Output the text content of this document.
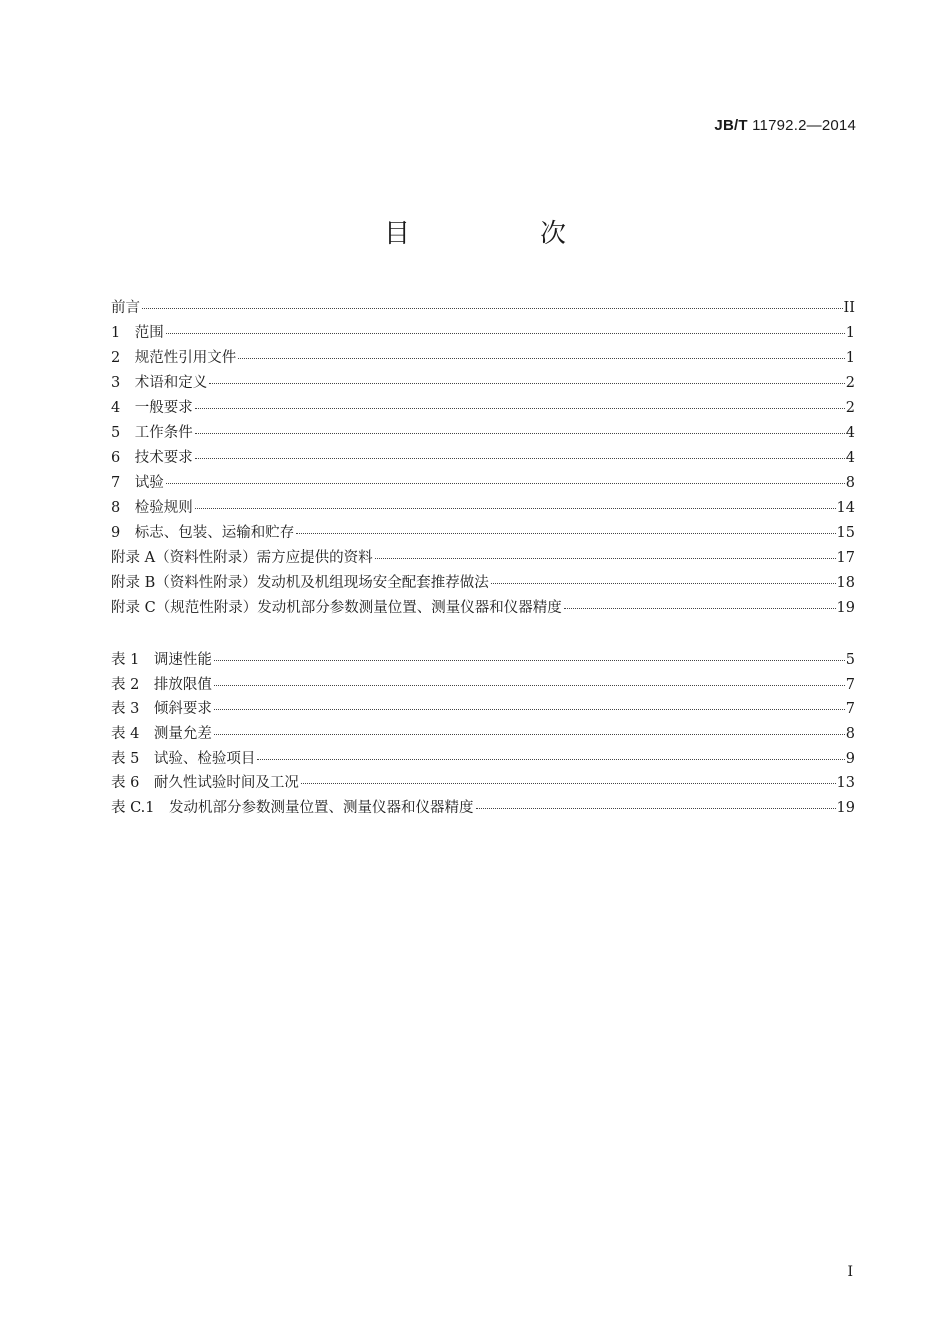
JB/T 11792.2—2014
目　次
前言	II
1　范围	1
2　规范性引用文件	1
3　术语和定义	2
4　一般要求	2
5　工作条件	4
6　技术要求	4
7　试验	8
8　检验规则	14
9　标志、包装、运输和贮存	15
附录 A（资料性附录）需方应提供的资料	17
附录 B（资料性附录）发动机及机组现场安全配套推荐做法	18
附录 C（规范性附录）发动机部分参数测量位置、测量仪器和仪器精度	19
表 1　调速性能	5
表 2　排放限值	7
表 3　倾斜要求	7
表 4　测量允差	8
表 5　试验、检验项目	9
表 6　耐久性试验时间及工况	13
表 C.1　发动机部分参数测量位置、测量仪器和仪器精度	19
I
